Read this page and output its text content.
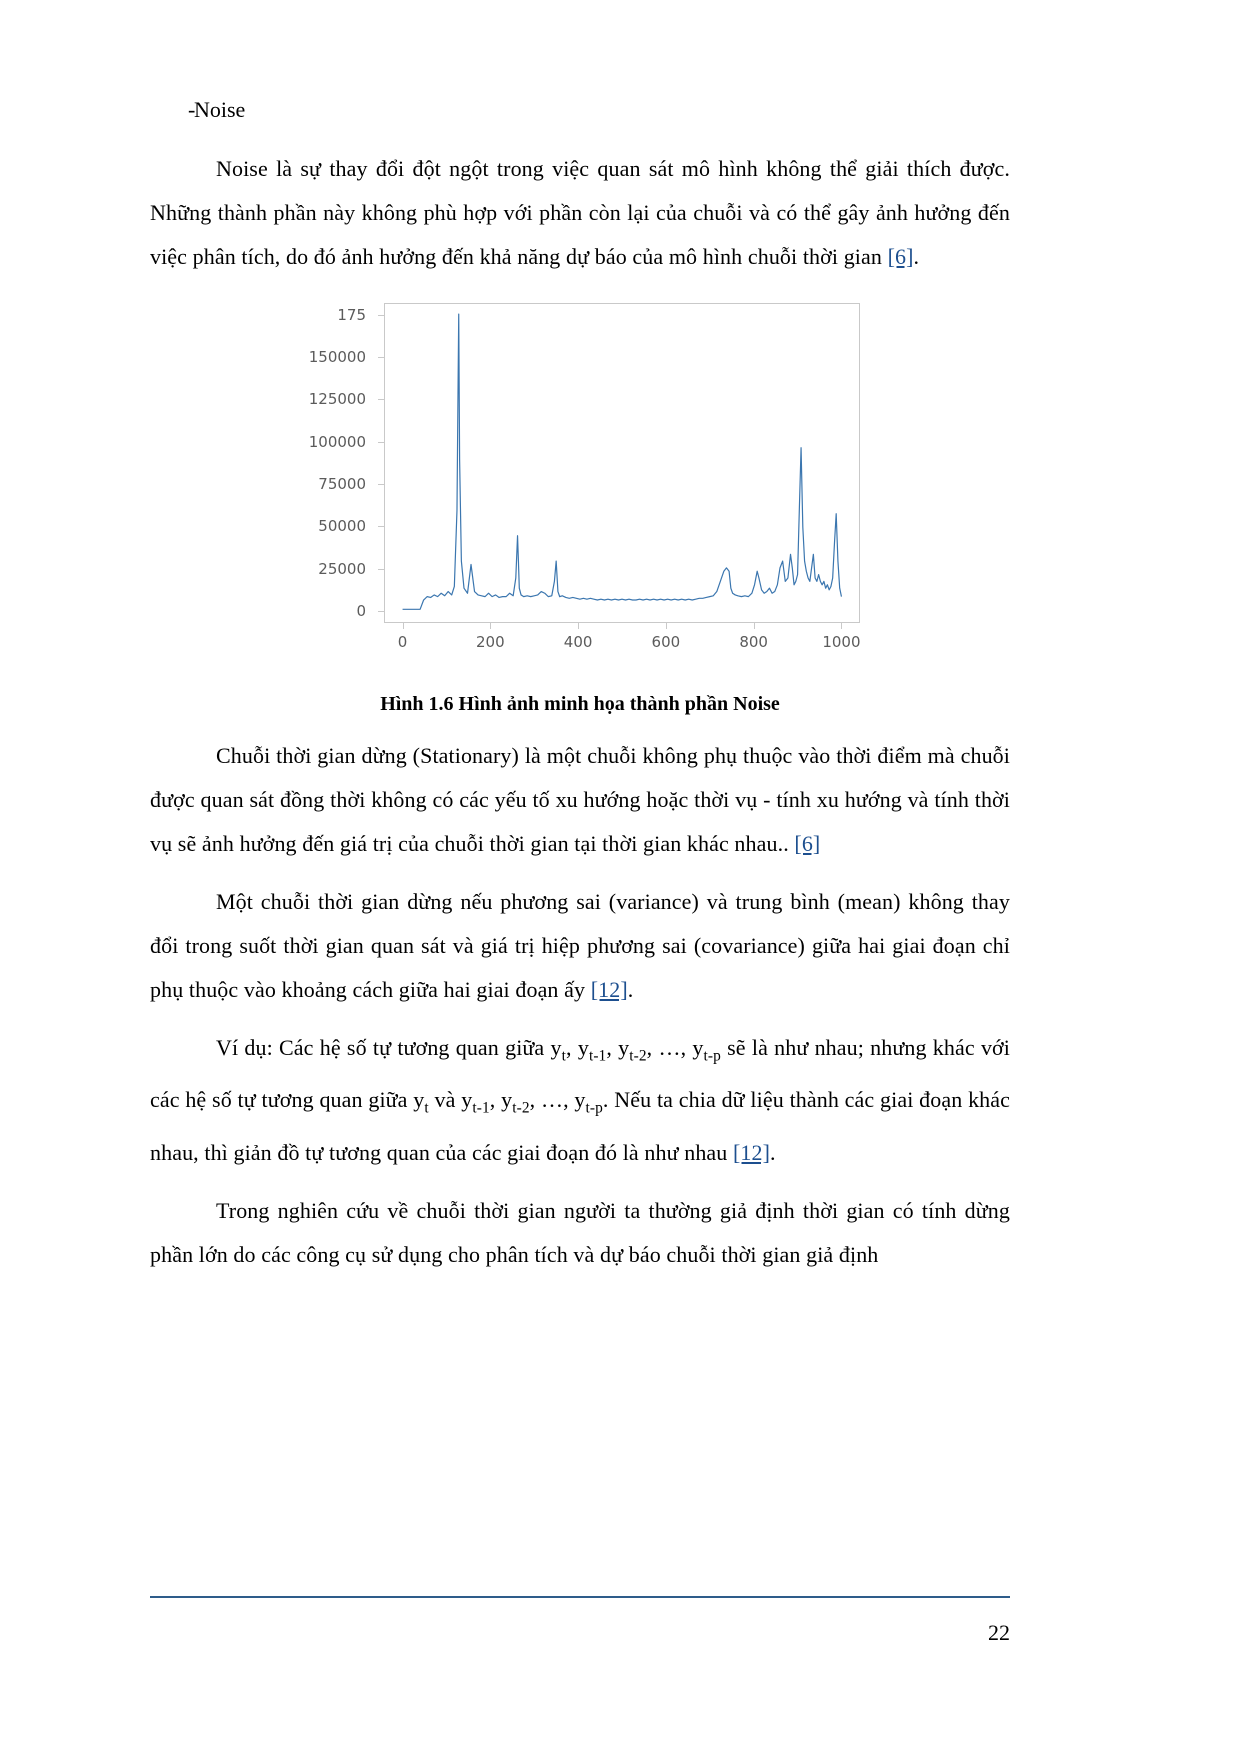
-
Noise

Noise là sự thay đổi đột ngột trong việc quan sát mô hình không thể giải thích được. Những thành phần này không phù hợp với phần còn lại của chuỗi và có thể gây ảnh hưởng đến việc phân tích, do đó ảnh hưởng đến khả năng dự báo của mô hình chuỗi thời gian [6].

175
150000
125000
100000
75000
50000
25000
0
0	200	400	600	800	1000
Hình 1.6 Hình ảnh minh họa thành phần Noise

Chuỗi thời gian dừng (Stationary) là một chuỗi không phụ thuộc vào thời điểm mà chuỗi được quan sát đồng thời không có các yếu tố xu hướng hoặc thời vụ - tính xu hướng và tính thời vụ sẽ ảnh hưởng đến giá trị của chuỗi thời gian tại thời gian khác nhau.. [6]

Một chuỗi thời gian dừng nếu phương sai (variance) và trung bình (mean) không thay đổi trong suốt thời gian quan sát và giá trị hiệp phương sai (covariance) giữa hai giai đoạn chỉ phụ thuộc vào khoảng cách giữa hai giai đoạn ấy [12].

Ví dụ: Các hệ số tự tương quan giữa $y_t$, $y_{t-1}$, $y_{t-2}$, …, $y_{t-p}$ sẽ là như nhau; nhưng khác với các hệ số tự tương quan giữa $y_t$ và $y_{t-1}$, $y_{t-2}$, …, $y_{t-p}$. Nếu ta chia dữ liệu thành các giai đoạn khác nhau, thì giản đồ tự tương quan của các giai đoạn đó là như nhau [12].

Trong nghiên cứu về chuỗi thời gian người ta thường giả định thời gian có tính dừng phần lớn do các công cụ sử dụng cho phân tích và dự báo chuỗi thời gian giả định

22
